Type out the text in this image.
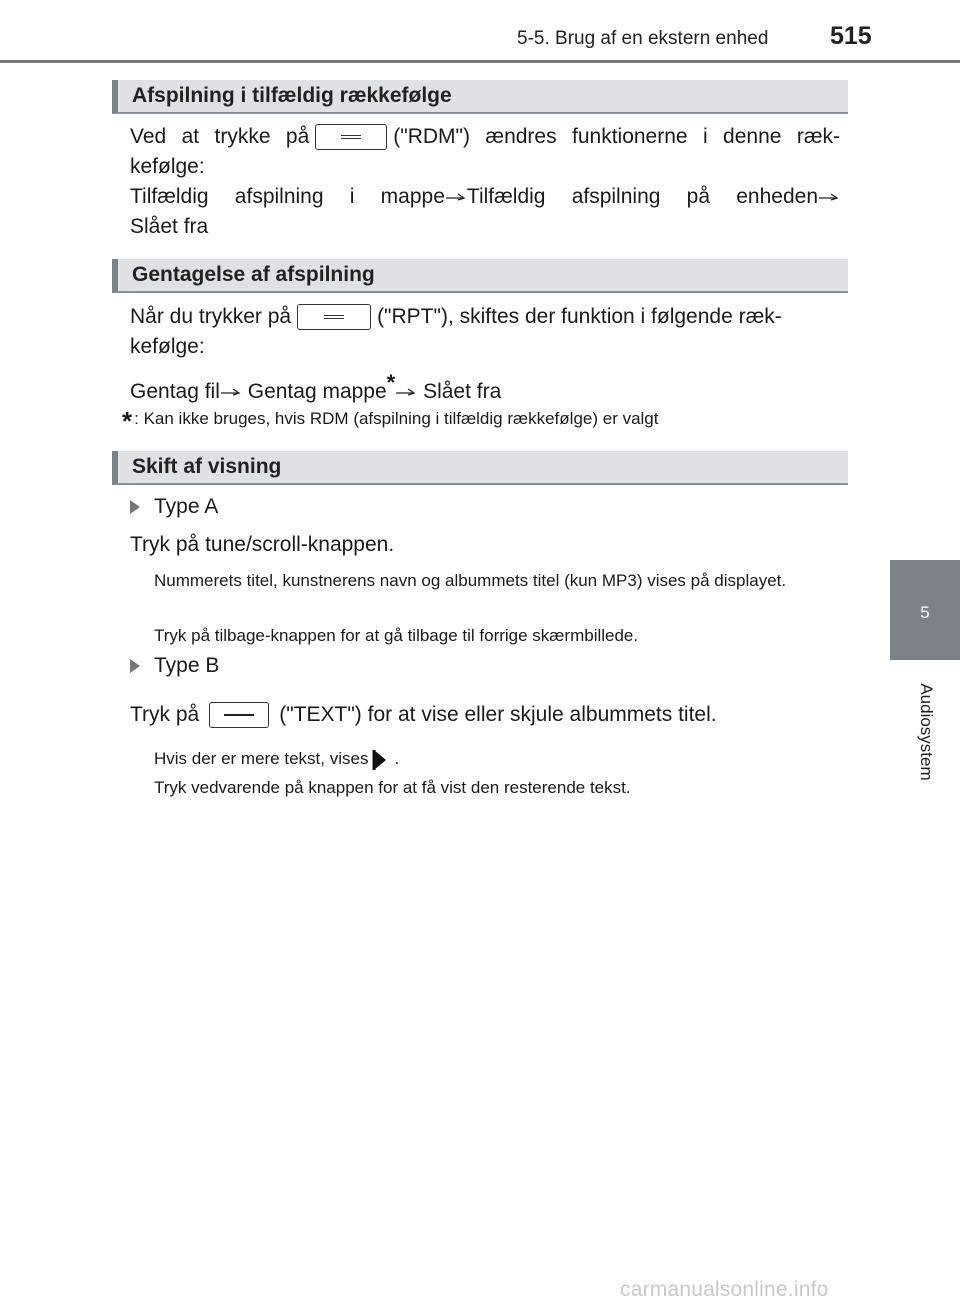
5-5. Brug af en ekstern enhed 515
5
Audiosystem
Afspilning i tilfældig rækkefølge
Ved at trykke på	("RDM") ændres funktionerne i denne ræk-
kefølge:
Tilfældig afspilning i mappe Tilfældig afspilning på enheden
Slået fra
Gentagelse af afspilning
Når du trykker på	("RPT"), skiftes der funktion i følgende ræk-
kefølge:
Gentag fil Gentag mappe* Slået fra
* : Kan ikke bruges, hvis RDM (afspilning i tilfældig rækkefølge) er valgt
Skift af visning
Type A
Tryk på tune/scroll-knappen.
Nummerets titel, kunstnerens navn og albummets titel (kun MP3) vises på displayet.
Tryk på tilbage-knappen for at gå tilbage til forrige skærmbillede.
Type B
Tryk på	("TEXT") for at vise eller skjule albummets titel.
Hvis der er mere tekst, vises .
Tryk vedvarende på knappen for at få vist den resterende tekst.
carmanualsonline.info
